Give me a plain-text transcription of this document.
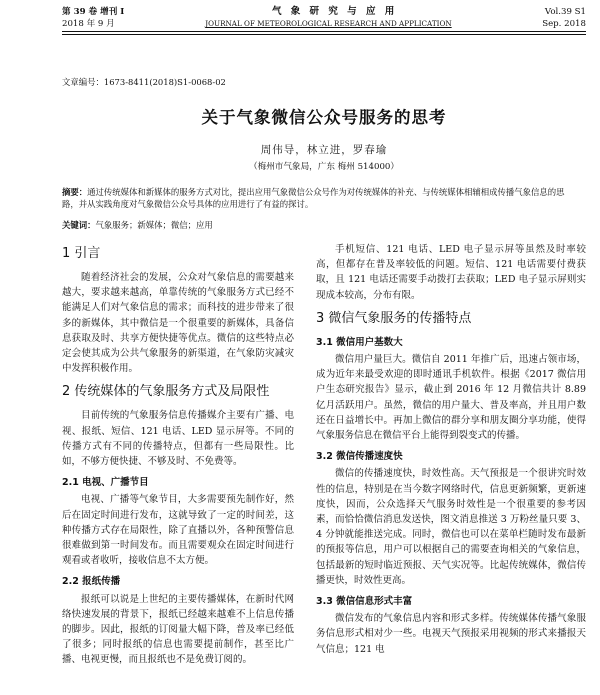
第 39 卷 增刊 I	气 象 研 究 与 应 用	Vol.39 S1
2018 年 9 月	JOURNAL OF METEOROLOGICAL RESEARCH AND APPLICATION	Sep. 2018
文章编号：1673-8411(2018)S1-0068-02
关于气象微信公众号服务的思考
周伟导，林立进，罗春瑜
（梅州市气象局，广东 梅州 514000）
摘要：通过传统媒体和新媒体的服务方式对比，提出应用气象微信公众号作为对传统媒体的补充、与传统媒体相辅相成传播气象信息的思路，并从实践角度对气象微信公众号具体的应用进行了有益的探讨。
关键词：气象服务；新媒体；微信；应用
1 引言

随着经济社会的发展，公众对气象信息的需要越来越大，要求越来越高，单靠传统的气象服务方式已经不能满足人们对气象信息的需求；而科技的进步带来了很多的新媒体，其中微信是一个很重要的新媒体，具备信息获取及时、共享方便快捷等优点。微信的这些特点必定会使其成为公共气象服务的新渠道，在气象防灾减灾中发挥积极作用。

2 传统媒体的气象服务方式及局限性

目前传统的气象服务信息传播媒介主要有广播、电视、报纸、短信、121 电话、LED 显示屏等。不同的传播方式有不同的传播特点，但都有一些局限性。比如，不够方便快捷、不够及时、不免费等。

2.1 电视、广播节目

电视、广播等气象节目，大多需要预先制作好，然后在固定时间进行发布，这就导致了一定的时间差，这种传播方式存在局限性，除了直播以外，各种预警信息很难做到第一时间发布。而且需要观众在固定时间进行观看或者收听，接收信息不太方便。

2.2 报纸传播

报纸可以说是上世纪的主要传播媒体，在新时代网络快速发展的背景下，报纸已经越来越难不上信息传播的脚步。因此，报纸的订阅量大幅下降，普及率已经低了很多；同时报纸的信息也需要提前制作，甚至比广播、电视更慢，而且报纸也不是免费订阅的。

手机短信、121 电话、LED 电子显示屏等虽然及时率较高，但都存在普及率较低的问题。短信、121 电话需要付费获取，且 121 电话还需要手动拨打去获取；LED 电子显示屏则实现成本较高，分布有限。

3 微信气象服务的传播特点
3.1 微信用户基数大

微信用户量巨大。微信自 2011 年推广后，迅速占领市场，成为近年来最受欢迎的即时通讯手机软件。根据《2017 微信用户生态研究报告》显示，截止到 2016 年 12 月微信共计 8.89 亿月活跃用户。虽然，微信的用户量大、普及率高，并且用户数还在日益增长中。再加上微信的群分享和朋友圈分享功能，使得气象服务信息在微信平台上能得到裂变式的传播。

3.2 微信传播速度快

微信的传播速度快，时效性高。天气预报是一个很讲究时效性的信息，特别是在当今数字网络时代，信息更新频繁，更新速度快，因而，公众选择天气服务时效性是一个很重要的参考因素，而恰恰微信消息发送快，图文消息推送 3 万粉丝量只要 3、4 分钟就能推送完成。同时，微信也可以在菜单栏随时发布最新的预报等信息，用户可以根据自己的需要查询相关的气象信息，包括最新的短时临近预报、天气实况等。比起传统媒体，微信传播更快，时效性更高。

3.3 微信信息形式丰富

微信发布的气象信息内容和形式多样。传统媒体传播气象服务信息形式相对少一些。电视天气预报采用视频的形式来播报天气信息；121 电
